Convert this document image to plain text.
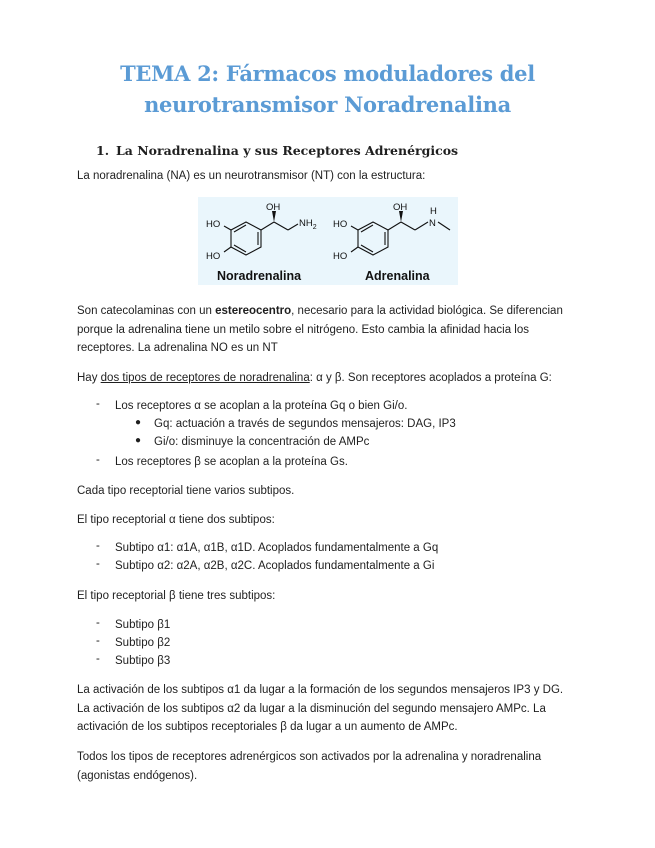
TEMA 2: Fármacos moduladores del
neurotransmisor Noradrenalina
1. La Noradrenalina y sus Receptores Adrenérgicos
La noradrenalina (NA) es un neurotransmisor (NT) con la estructura:
OH
HO
HO
$NH_2$
OH
HO
HO
H
N
Noradrenalina	Adrenalina
Son catecolaminas con un estereocentro, necesario para la actividad biológica. Se diferencian
porque la adrenalina tiene un metilo sobre el nitrógeno. Esto cambia la afinidad hacia los
receptores. La adrenalina NO es un NT
Hay dos tipos de receptores de noradrenalina: α y β. Son receptores acoplados a proteína G:
- Los receptores α se acoplan a la proteína Gq o bien Gi/o.
● Gq: actuación a través de segundos mensajeros: DAG, IP3
● Gi/o: disminuye la concentración de AMPc
- Los receptores β se acoplan a la proteína Gs.
Cada tipo receptorial tiene varios subtipos.
El tipo receptorial α tiene dos subtipos:
- Subtipo α1: α1A, α1B, α1D. Acoplados fundamentalmente a Gq
- Subtipo α2: α2A, α2B, α2C. Acoplados fundamentalmente a Gi
El tipo receptorial β tiene tres subtipos:
- Subtipo β1
- Subtipo β2
- Subtipo β3
La activación de los subtipos α1 da lugar a la formación de los segundos mensajeros IP3 y DG.
La activación de los subtipos α2 da lugar a la disminución del segundo mensajero AMPc. La
activación de los subtipos receptoriales β da lugar a un aumento de AMPc.
Todos los tipos de receptores adrenérgicos son activados por la adrenalina y noradrenalina
(agonistas endógenos).
